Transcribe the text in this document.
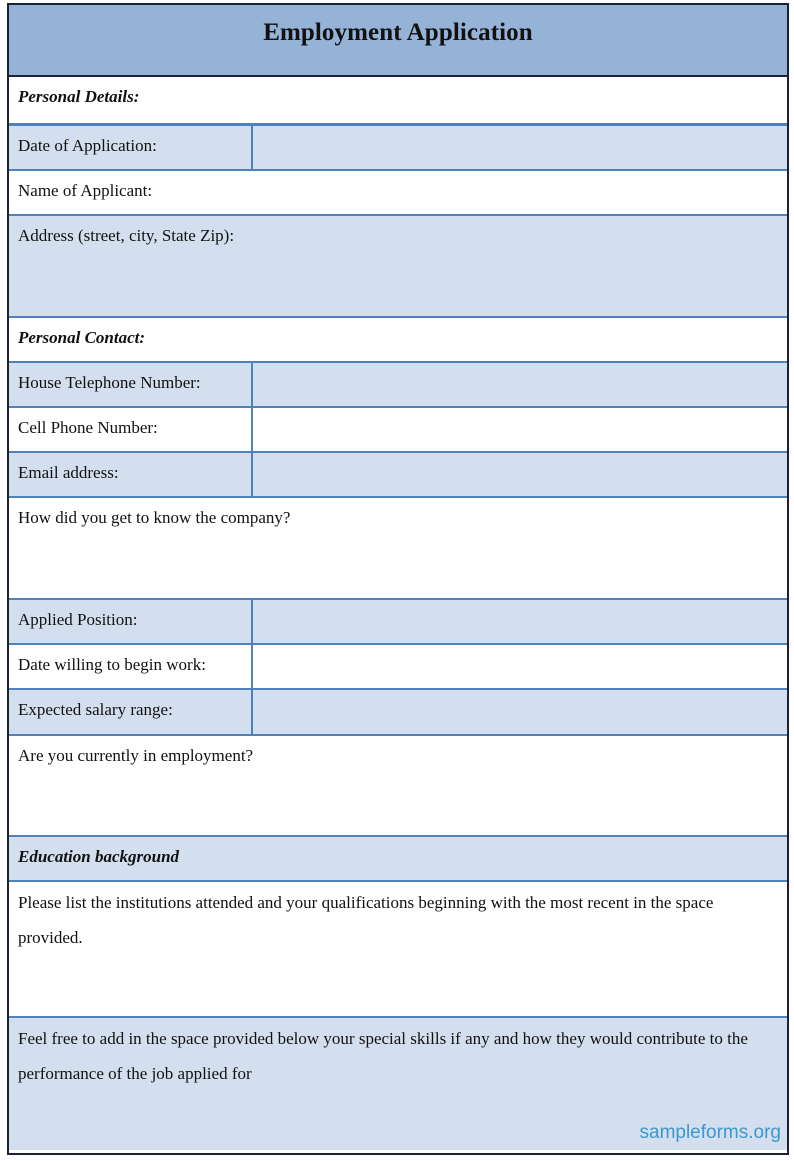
Employment Application
Personal Details:
Date of Application:
Name of Applicant:
Address (street, city, State Zip):
Personal Contact:
House Telephone Number:
Cell Phone Number:
Email address:
How did you get to know the company?
Applied Position:
Date willing to begin work:
Expected salary range:
Are you currently in employment?
Education background
Please list the institutions attended and your qualifications beginning with the most recent in the space provided.
Feel free to add in the space provided below your special skills if any and how they would contribute to the performance of the job applied for
sampleforms.org
